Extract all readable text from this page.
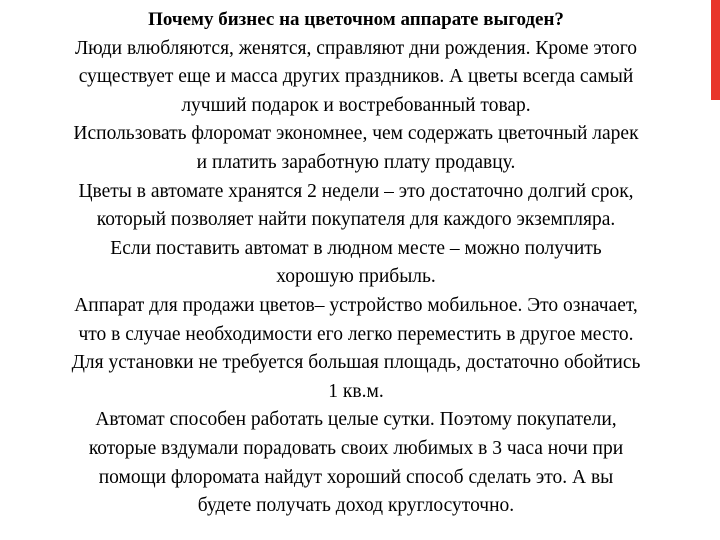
Почему бизнес на цветочном аппарате выгоден?
Люди влюбляются, женятся, справляют дни рождения. Кроме этого
существует еще и масса других праздников. А цветы всегда самый
лучший подарок и востребованный товар.
Использовать флоромат экономнее, чем содержать цветочный ларек
и платить заработную плату продавцу.
Цветы в автомате хранятся 2 недели – это достаточно долгий срок,
который позволяет найти покупателя для каждого экземпляра.
Если поставить автомат в людном месте – можно получить
хорошую прибыль.
Аппарат для продажи цветов– устройство мобильное. Это означает,
что в случае необходимости его легко переместить в другое место.
Для установки не требуется большая площадь, достаточно обойтись
1 кв.м.
Автомат способен работать целые сутки. Поэтому покупатели,
которые вздумали порадовать своих любимых в 3 часа ночи при
помощи флоромата найдут хороший способ сделать это. А вы
будете получать доход круглосуточно.
